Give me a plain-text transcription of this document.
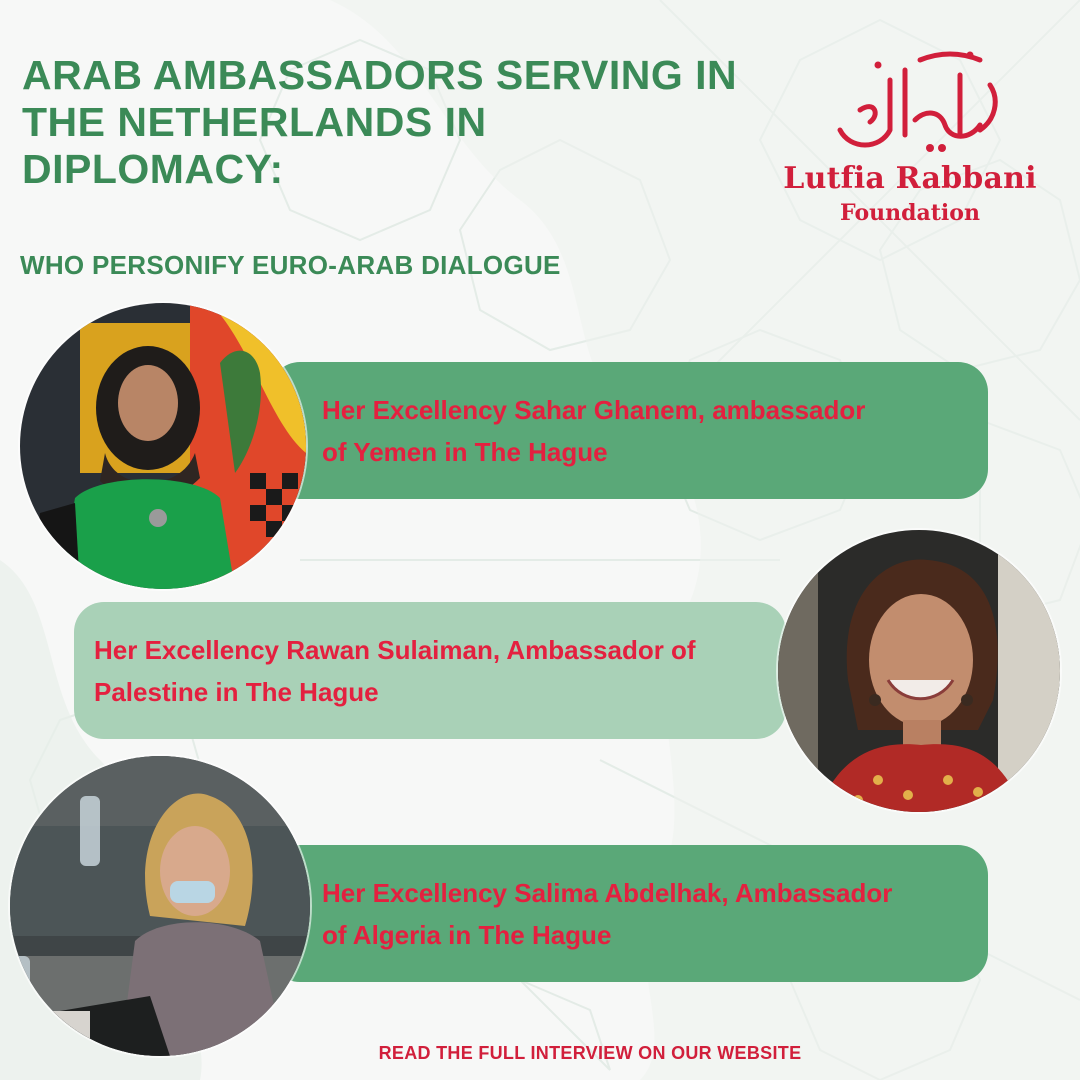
ARAB AMBASSADORS SERVING IN
THE NETHERLANDS IN
DIPLOMACY:
WHO PERSONIFY EURO-ARAB DIALOGUE
Lutfia Rabbani
Foundation
Her Excellency Sahar Ghanem, ambassador
of Yemen in The Hague
Her Excellency Rawan Sulaiman, Ambassador of
Palestine in The Hague
Her Excellency Salima Abdelhak, Ambassador
of Algeria in The Hague
READ THE FULL INTERVIEW ON OUR WEBSITE
